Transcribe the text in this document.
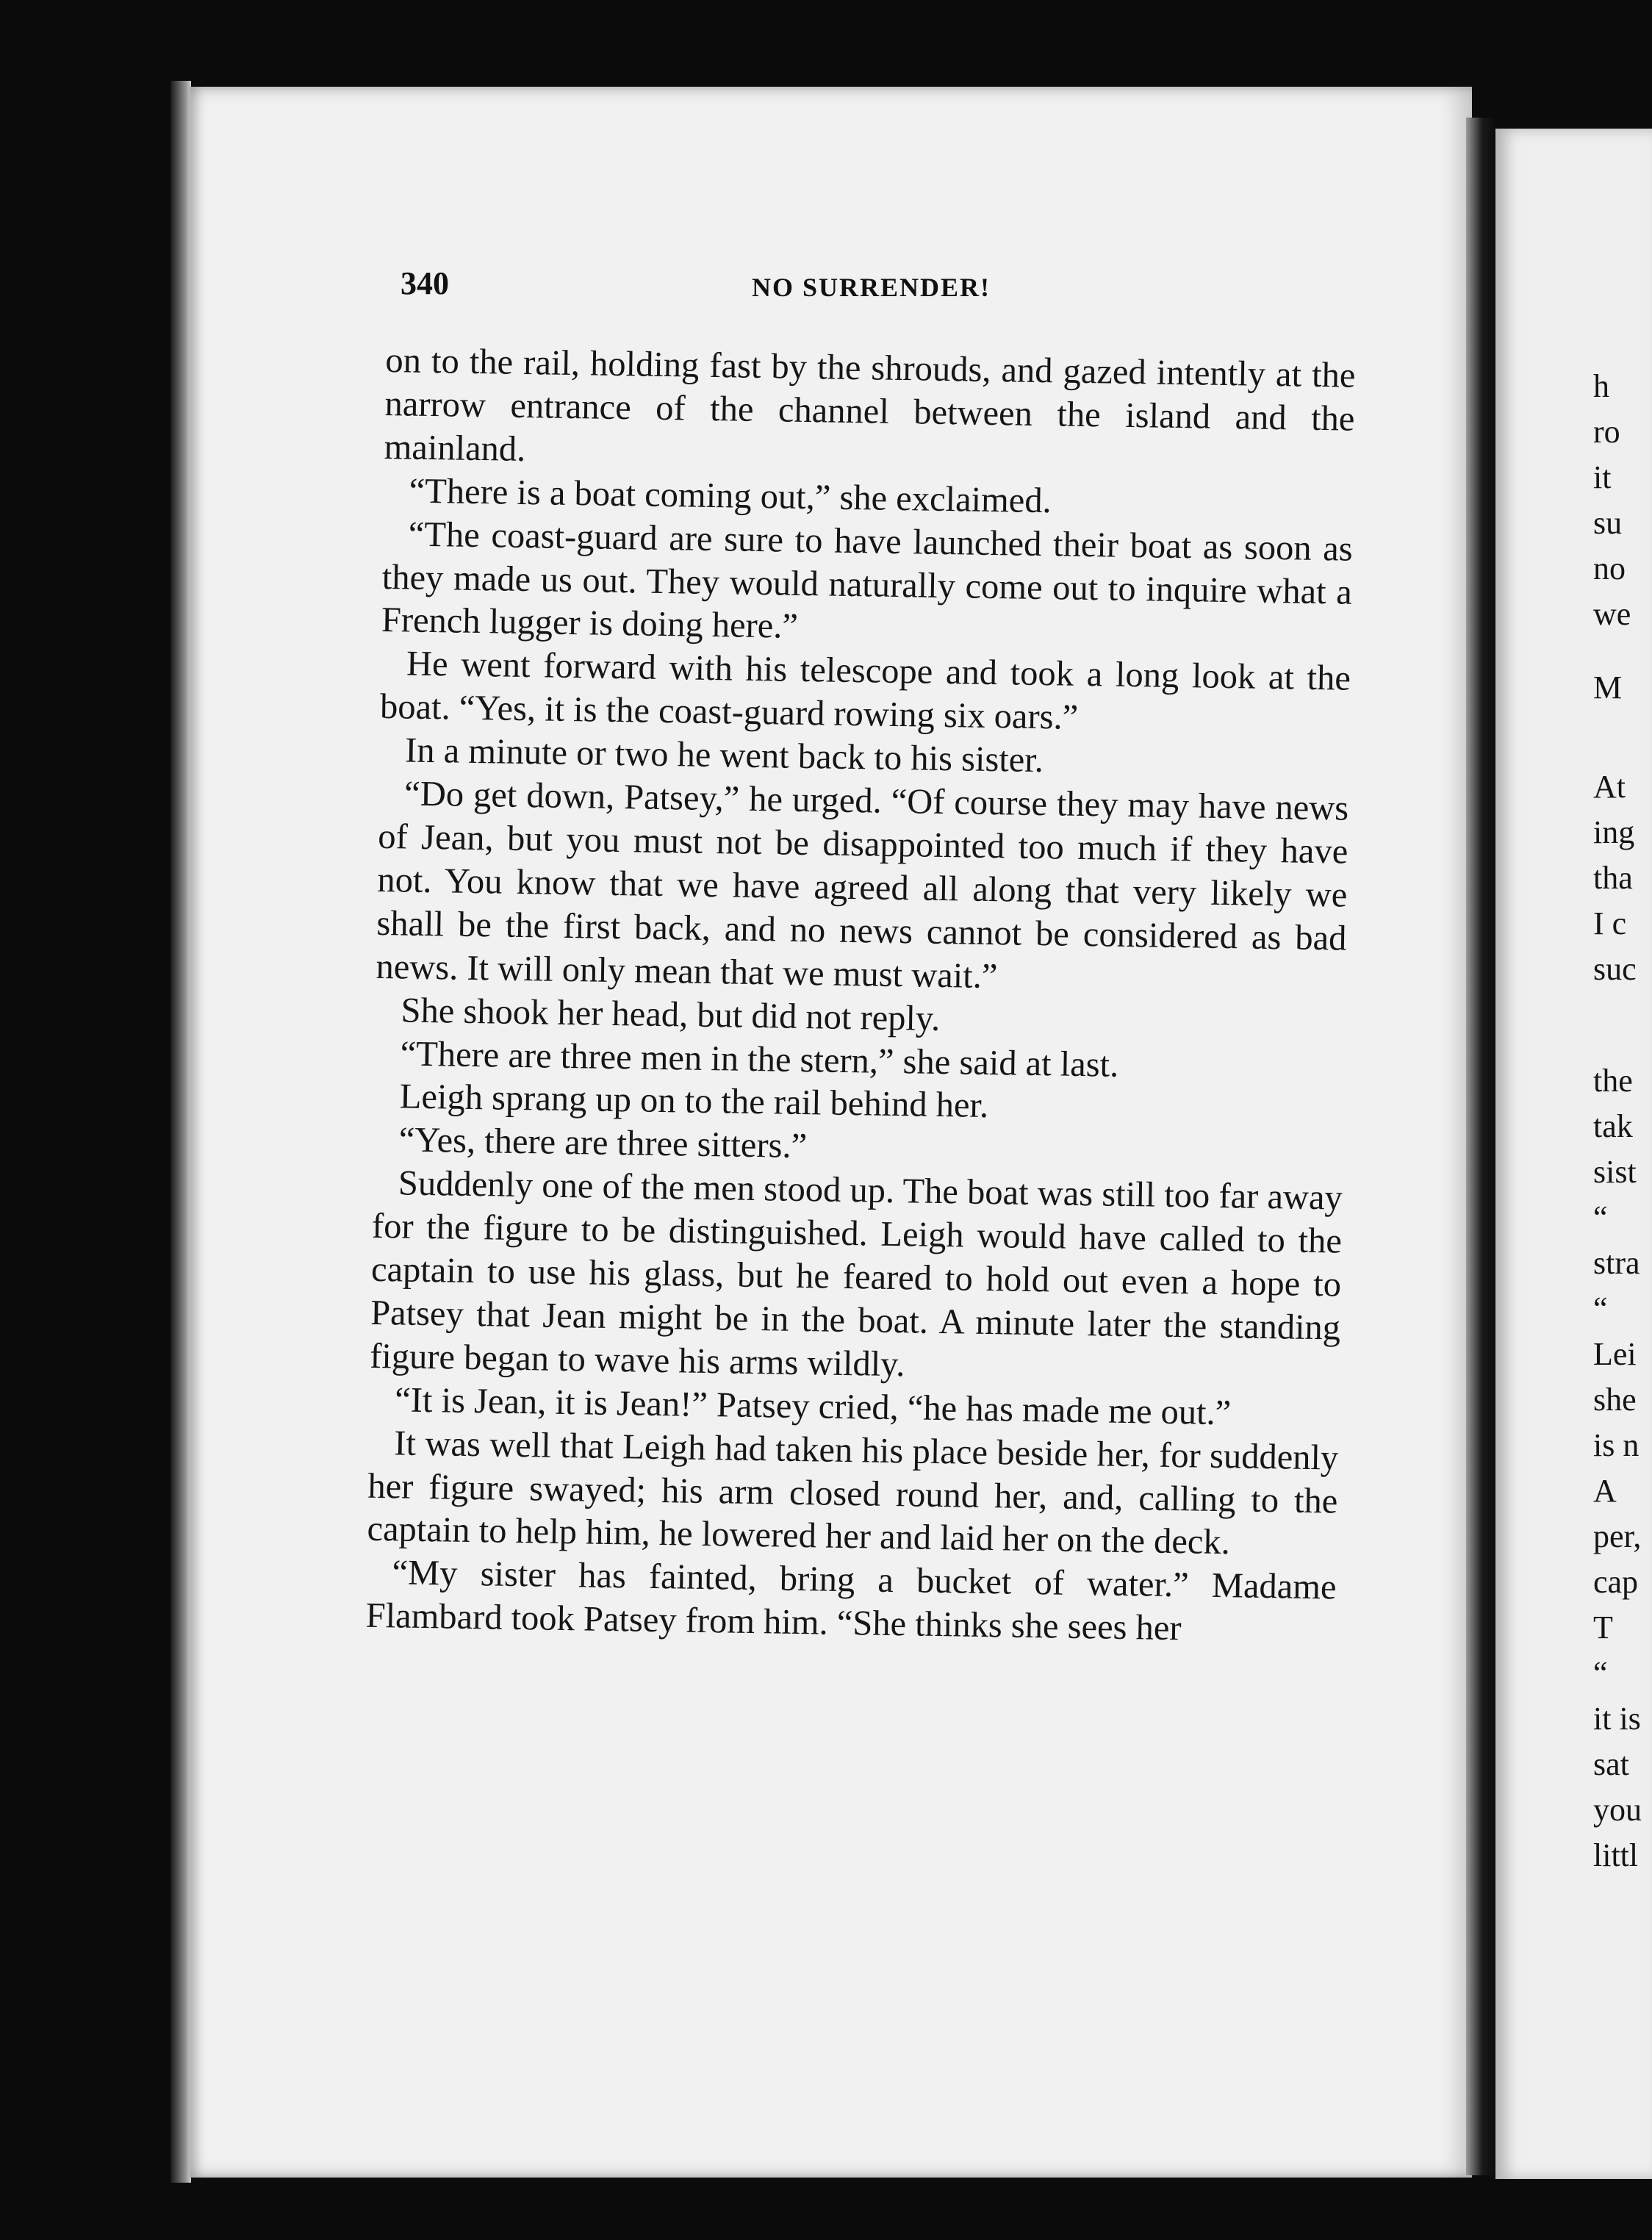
340	NO SURRENDER!

on to the rail, holding fast by the shrouds, and gazed intently at the narrow entrance of the channel between the island and the mainland.

“There is a boat coming out,” she exclaimed.

“The coast-guard are sure to have launched their boat as soon as they made us out. They would naturally come out to inquire what a French lugger is doing here.”

He went forward with his telescope and took a long look at the boat. “Yes, it is the coast-guard rowing six oars.”

In a minute or two he went back to his sister.

“Do get down, Patsey,” he urged. “Of course they may have news of Jean, but you must not be disappointed too much if they have not. You know that we have agreed all along that very likely we shall be the first back, and no news cannot be considered as bad news. It will only mean that we must wait.”

She shook her head, but did not reply.

“There are three men in the stern,” she said at last.

Leigh sprang up on to the rail behind her.

“Yes, there are three sitters.”

Suddenly one of the men stood up. The boat was still too far away for the figure to be distinguished. Leigh would have called to the captain to use his glass, but he feared to hold out even a hope to Patsey that Jean might be in the boat. A minute later the standing figure began to wave his arms wildly.

“It is Jean, it is Jean!” Patsey cried, “he has made me out.”

It was well that Leigh had taken his place beside her, for suddenly her figure swayed; his arm closed round her, and, calling to the captain to help him, he lowered her and laid her on the deck.

“My sister has fainted, bring a bucket of water.” Madame Flambard took Patsey from him. “She thinks she sees her

h
ro
it
su
no
we
M
At
ing
tha
I c
suc
the
tak
sist
“
stra
“
Lei
she
is n
A
per,
cap
T
“
it is
sat
you
littl
